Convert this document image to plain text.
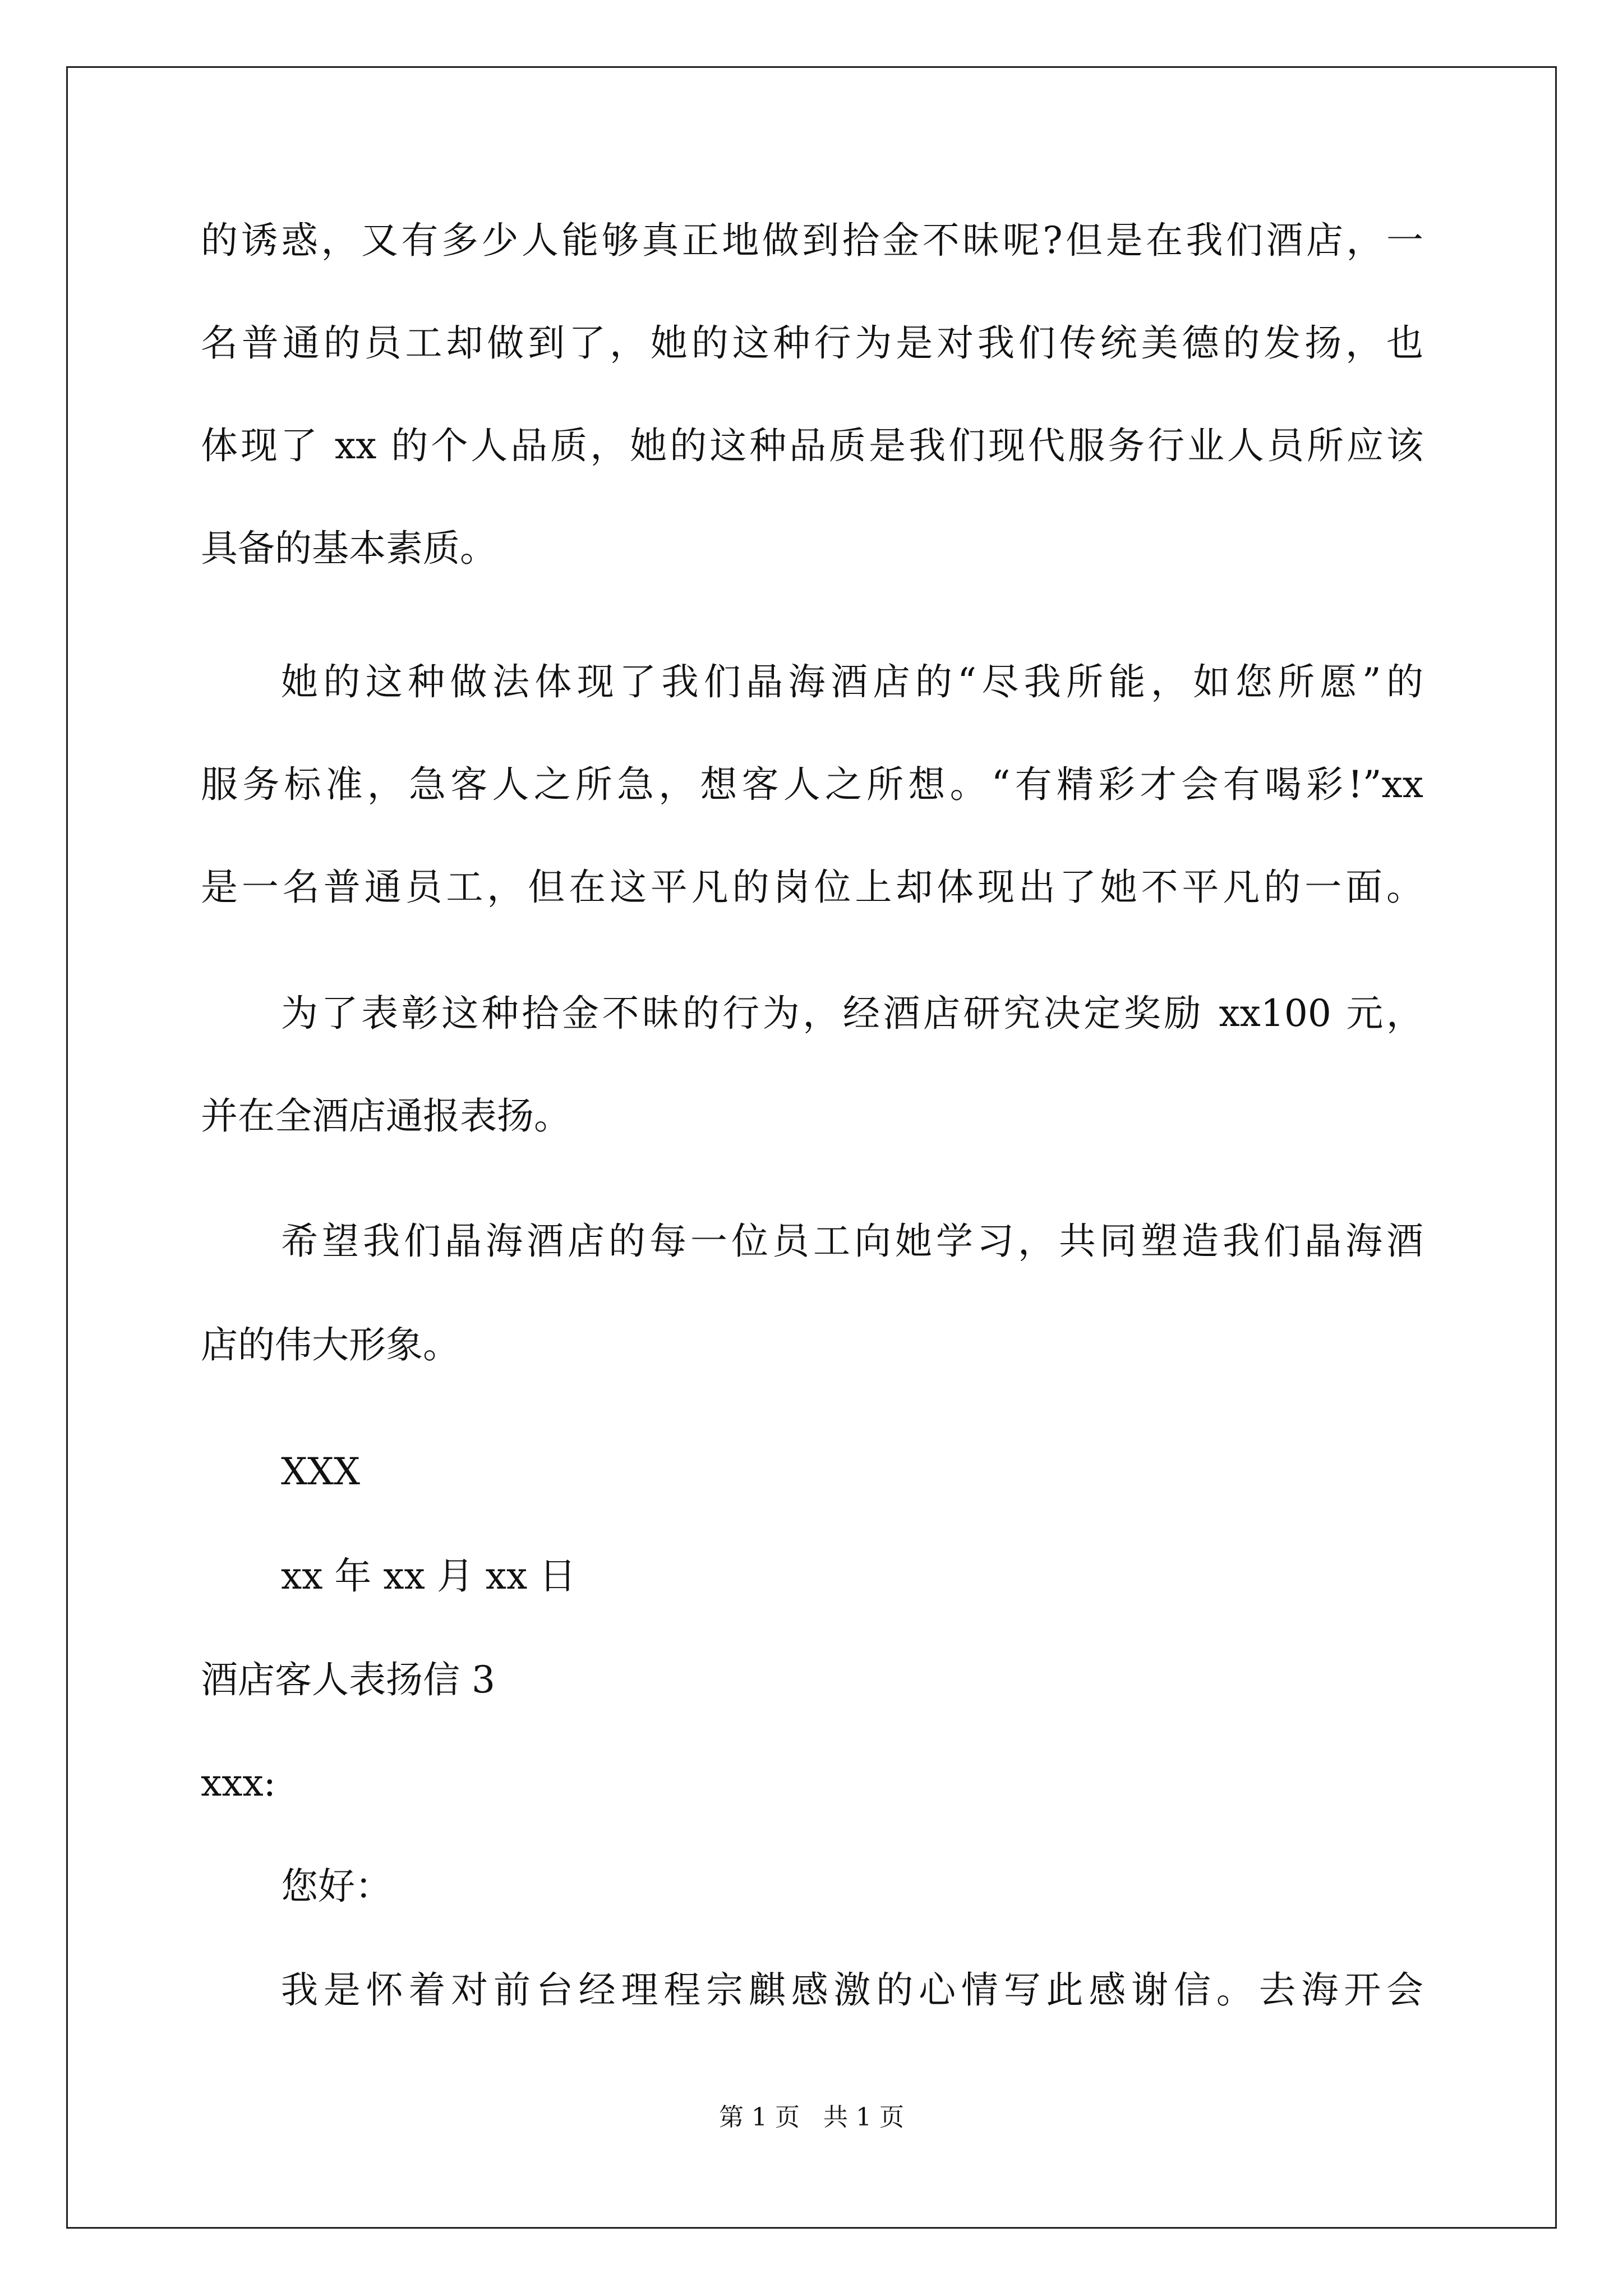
的诱惑，又有多少人能够真正地做到拾金不昧呢?但是在我们酒店，一
名普通的员工却做到了，她的这种行为是对我们传统美德的发扬，也
体现了 xx 的个人品质，她的这种品质是我们现代服务行业人员所应该
具备的基本素质。
她的这种做法体现了我们晶海酒店的“尽我所能，如您所愿”的
服务标准，急客人之所急，想客人之所想。“有精彩才会有喝彩!”xx
是一名普通员工，但在这平凡的岗位上却体现出了她不平凡的一面。
为了表彰这种拾金不昧的行为，经酒店研究决定奖励 xx100 元，
并在全酒店通报表扬。
希望我们晶海酒店的每一位员工向她学习，共同塑造我们晶海酒
店的伟大形象。
XXX
xx 年 xx 月 xx 日
酒店客人表扬信 3
xxx:
您好：
我是怀着对前台经理程宗麒感激的心情写此感谢信。去海开会
第 1 页   共 1 页
